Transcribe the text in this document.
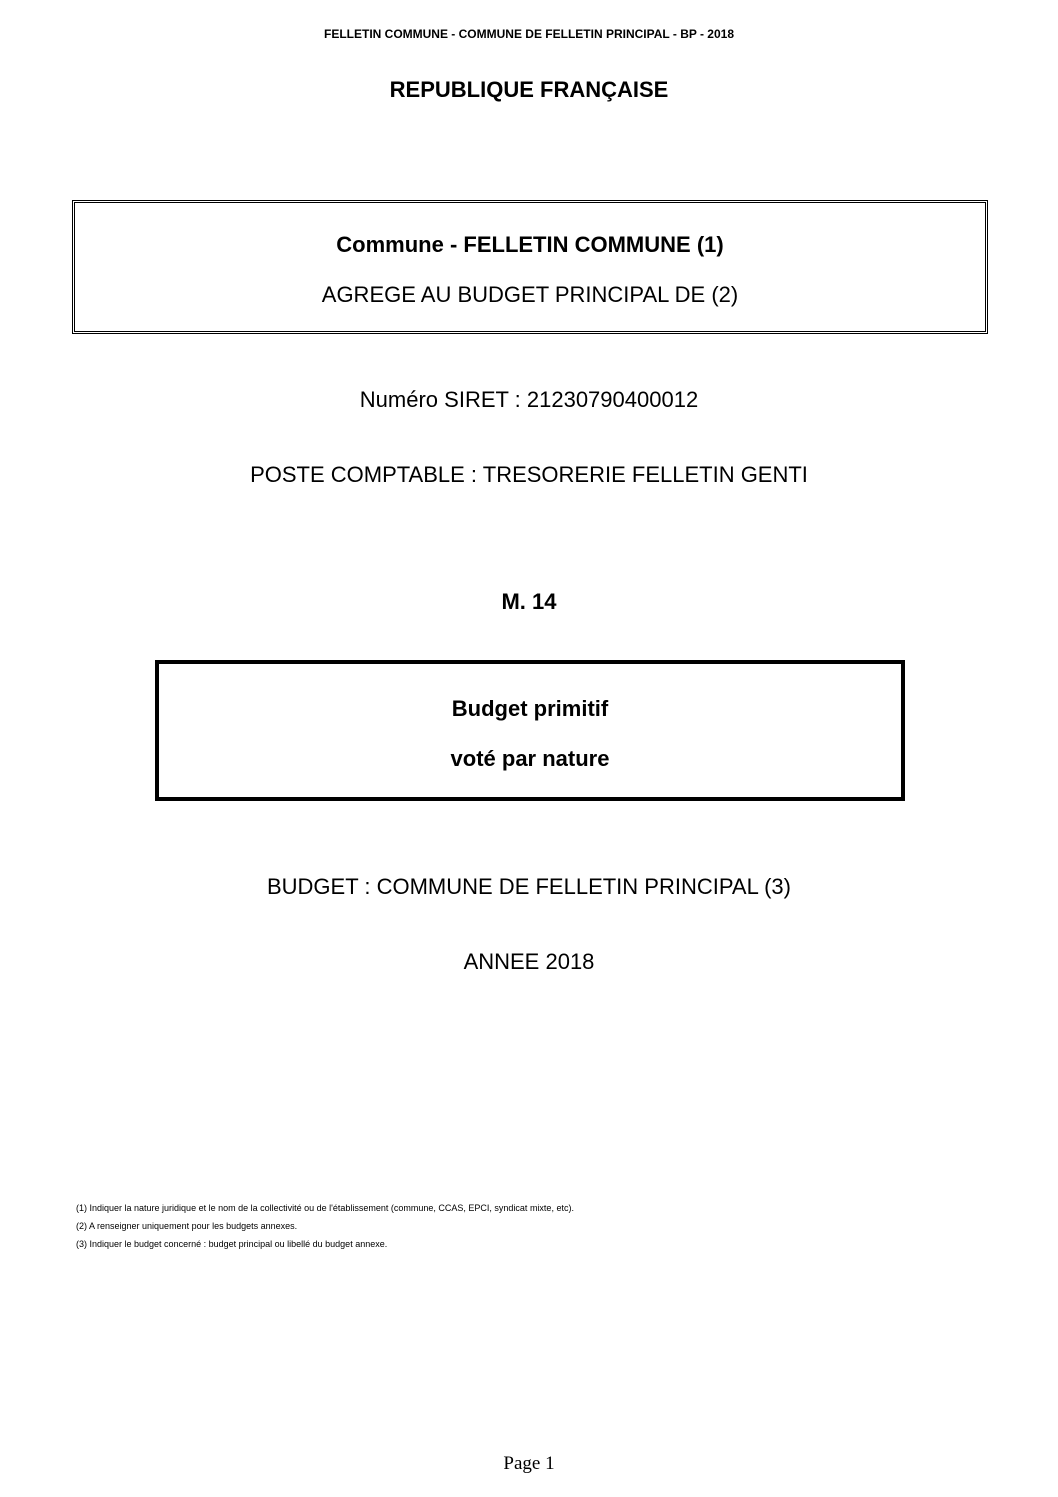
FELLETIN COMMUNE - COMMUNE DE FELLETIN PRINCIPAL - BP - 2018
REPUBLIQUE FRANÇAISE
Commune - FELLETIN COMMUNE (1)
AGREGE AU BUDGET PRINCIPAL DE (2)
Numéro SIRET : 21230790400012
POSTE COMPTABLE : TRESORERIE FELLETIN GENTI
M. 14
Budget primitif
voté par nature
BUDGET : COMMUNE DE FELLETIN PRINCIPAL (3)
ANNEE 2018
(1) Indiquer la nature juridique et le nom de la collectivité ou de l'établissement (commune, CCAS, EPCI, syndicat mixte, etc).
(2) A renseigner uniquement pour les budgets annexes.
(3) Indiquer le budget concerné : budget principal ou libellé du budget annexe.
Page 1
